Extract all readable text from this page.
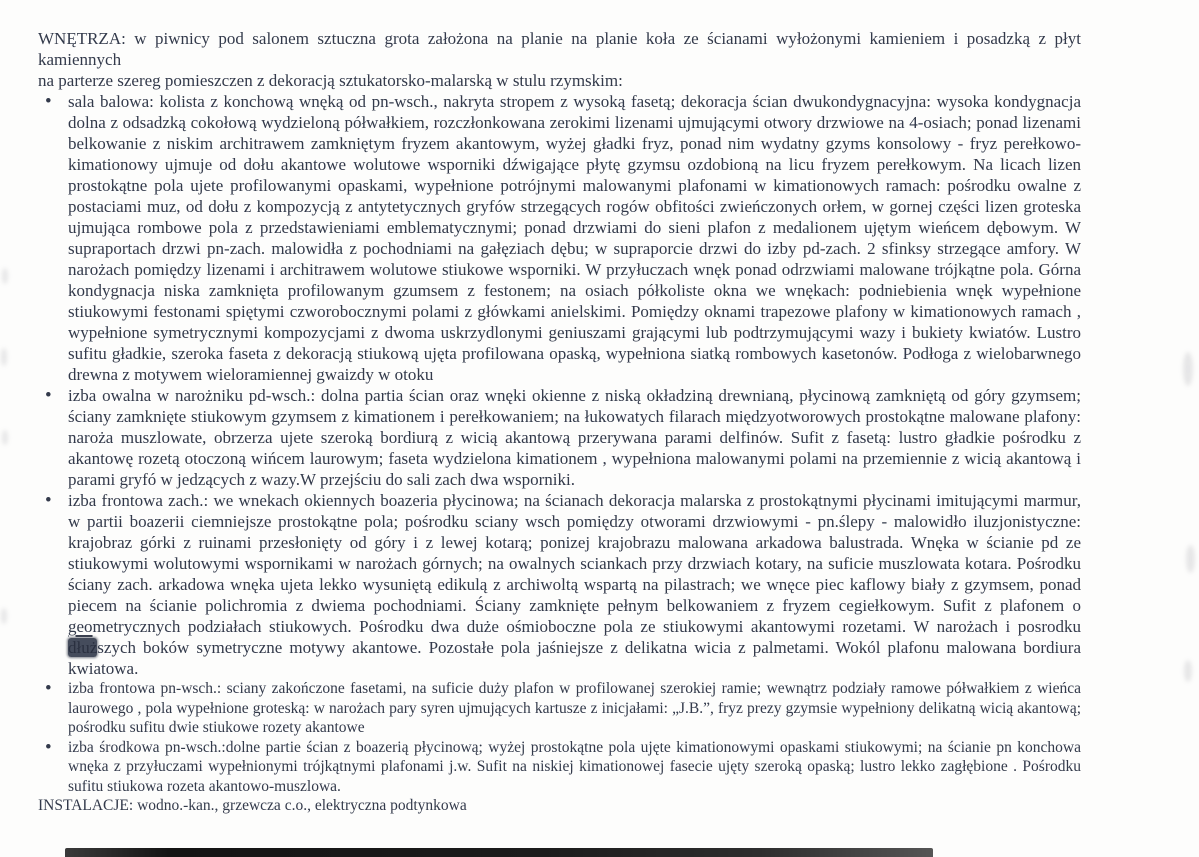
WNĘTRZA: w piwnicy pod salonem sztuczna grota założona na planie na planie koła ze ścianami wyłożonymi kamieniem i posadzką z płyt kamiennych

na parterze szereg pomieszczen z dekoracją sztukatorsko-malarską w stulu rzymskim:

• sala balowa: kolista z konchową wnęką od pn-wsch., nakryta stropem z wysoką fasetą; dekoracja ścian dwukondygnacyjna: wysoka kondygnacja dolna z odsadzką cokołową wydzieloną półwałkiem, rozczłonkowana zerokimi lizenami ujmującymi otwory drzwiowe na 4-osiach; ponad lizenami belkowanie z niskim architrawem zamkniętym fryzem akantowym, wyżej gładki fryz, ponad nim wydatny gzyms konsolowy - fryz perełkowo-kimationowy ujmuje od dołu akantowe wolutowe wsporniki dźwigające płytę gzymsu ozdobioną na licu fryzem perełkowym. Na licach lizen prostokątne pola ujete profilowanymi opaskami, wypełnione potrójnymi malowanymi plafonami w kimationowych ramach: pośrodku owalne z postaciami muz, od dołu z kompozycją z antytetycznych gryfów strzegących rogów obfitości zwieńczonych orłem, w gornej części lizen groteska ujmująca rombowe pola z przedstawieniami emblematycznymi; ponad drzwiami do sieni plafon z medalionem ujętym wieńcem dębowym. W supraportach drzwi pn-zach. malowidła z pochodniami na gałęziach dębu; w supraporcie drzwi do izby pd-zach. 2 sfinksy strzegące amfory. W narożach pomiędzy lizenami i architrawem wolutowe stiukowe wsporniki. W przyłuczach wnęk ponad odrzwiami malowane trójkątne pola. Górna kondygnacja niska zamknięta profilowanym gzumsem z festonem; na osiach półkoliste okna we wnękach: podniebienia wnęk wypełnione stiukowymi festonami spiętymi czworobocznymi polami z główkami anielskimi. Pomiędzy oknami trapezowe plafony w kimationowych ramach , wypełnione symetrycznymi kompozycjami z dwoma uskrzydlonymi geniuszami grającymi lub podtrzymującymi wazy i bukiety kwiatów. Lustro sufitu gładkie, szeroka faseta z dekoracją stiukową ujęta profilowana opaską, wypełniona siatką rombowych kasetonów. Podłoga z wielobarwnego drewna z motywem wieloramiennej gwaizdy w otoku
• izba owalna w narożniku pd-wsch.: dolna partia ścian oraz wnęki okienne z niską okładziną drewnianą, płycinową zamkniętą od góry gzymsem; ściany zamknięte stiukowym gzymsem z kimationem i perełkowaniem; na łukowatych filarach międzyotworowych prostokątne malowane plafony: naroża muszlowate, obrzerza ujete szeroką bordiurą z wicią akantową przerywana parami delfinów. Sufit z fasetą: lustro gładkie pośrodku z akantowę rozetą otoczoną wińcem laurowym; faseta wydzielona kimationem , wypełniona malowanymi polami na przemiennie z wicią akantową i parami gryfó w jedzących z wazy.W przejściu do sali zach dwa wsporniki.
• izba frontowa zach.: we wnekach okiennych boazeria płycinowa; na ścianach dekoracja malarska z prostokątnymi płycinami imitującymi marmur, w partii boazerii ciemniejsze prostokątne pola; pośrodku sciany wsch pomiędzy otworami drzwiowymi - pn.ślepy - malowidło iluzjonistyczne: krajobraz górki z ruinami przesłonięty od góry i z lewej kotarą; ponizej krajobrazu malowana arkadowa balustrada. Wnęka w ścianie pd ze stiukowymi wolutowymi wspornikami w narożach górnych; na owalnych sciankach przy drzwiach kotary, na suficie muszlowata kotara. Pośrodku ściany zach. arkadowa wnęka ujeta lekko wysuniętą edikulą z archiwoltą wspartą na pilastrach; we wnęce piec kaflowy biały z gzymsem, ponad piecem na ścianie polichromia z dwiema pochodniami. Ściany zamknięte pełnym belkowaniem z fryzem cegiełkowym. Sufit z plafonem o geometrycznych podziałach stiukowych. Pośrodku dwa duże ośmioboczne pola ze stiukowymi akantowymi rozetami. W narożach i posrodku dłuższych boków symetryczne motywy akantowe. Pozostałe pola jaśniejsze z delikatna wicia z palmetami. Wokól plafonu malowana bordiura kwiatowa.
• izba frontowa pn-wsch.: sciany zakończone fasetami, na suficie duży plafon w profilowanej szerokiej ramie; wewnątrz podziały ramowe półwałkiem z wieńca laurowego , pola wypełnione groteską: w narożach pary syren ujmujących kartusze z inicjałami: „J.B.”, fryz prezy gzymsie wypełniony delikatną wicią akantową; pośrodku sufitu dwie stiukowe rozety akantowe
• izba środkowa pn-wsch.:dolne partie ścian z boazerią płycinową; wyżej prostokątne pola ujęte kimationowymi opaskami stiukowymi; na ścianie pn konchowa wnęka z przyłuczami wypełnionymi trójkątnymi plafonami j.w. Sufit na niskiej kimationowej fasecie ujęty szeroką opaską; lustro lekko zagłębione . Pośrodku sufitu stiukowa rozeta akantowo-muszlowa.

INSTALACJE: wodno.-kan., grzewcza c.o., elektryczna podtynkowa
